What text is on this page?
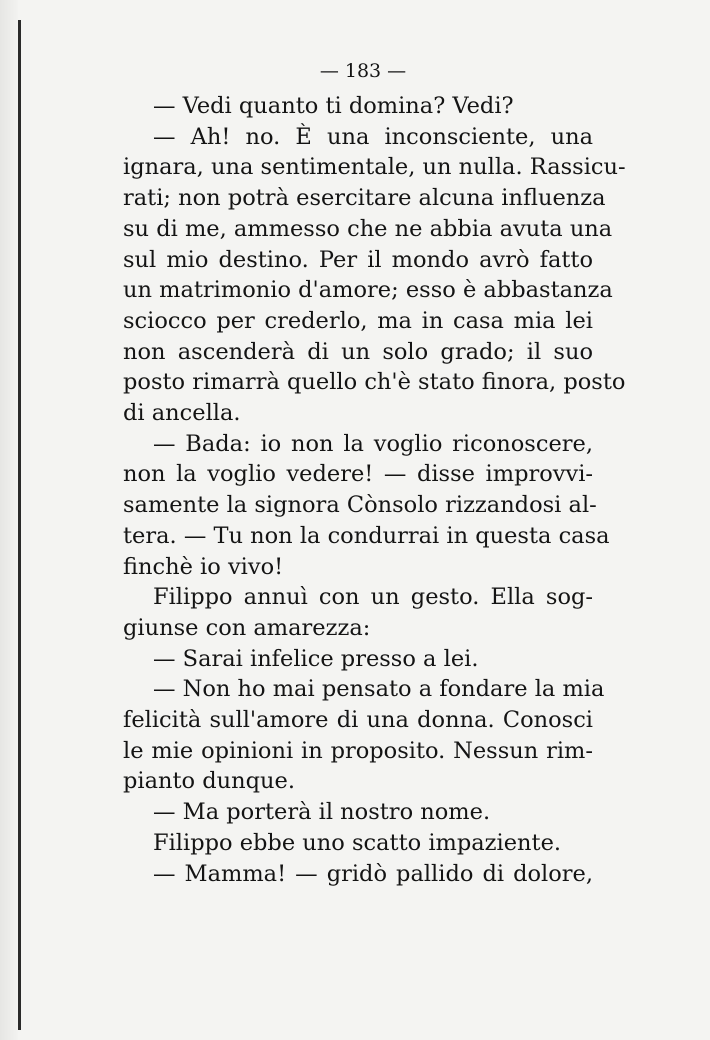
— 183 —
— Vedi quanto ti domina? Vedi?
— Ah! no. È una inconsciente, una
ignara, una sentimentale, un nulla. Rassicu-
rati; non potrà esercitare alcuna influenza
su di me, ammesso che ne abbia avuta una
sul mio destino. Per il mondo avrò fatto
un matrimonio d'amore; esso è abbastanza
sciocco per crederlo, ma in casa mia lei
non ascenderà di un solo grado; il suo
posto rimarrà quello ch'è stato finora, posto
di ancella.
— Bada: io non la voglio riconoscere,
non la voglio vedere! — disse improvvi-
samente la signora Cònsolo rizzandosi al-
tera. — Tu non la condurrai in questa casa
finchè io vivo!
Filippo annuì con un gesto. Ella sog-
giunse con amarezza:
— Sarai infelice presso a lei.
— Non ho mai pensato a fondare la mia
felicità sull'amore di una donna. Conosci
le mie opinioni in proposito. Nessun rim-
pianto dunque.
— Ma porterà il nostro nome.
Filippo ebbe uno scatto impaziente.
— Mamma! — gridò pallido di dolore,
